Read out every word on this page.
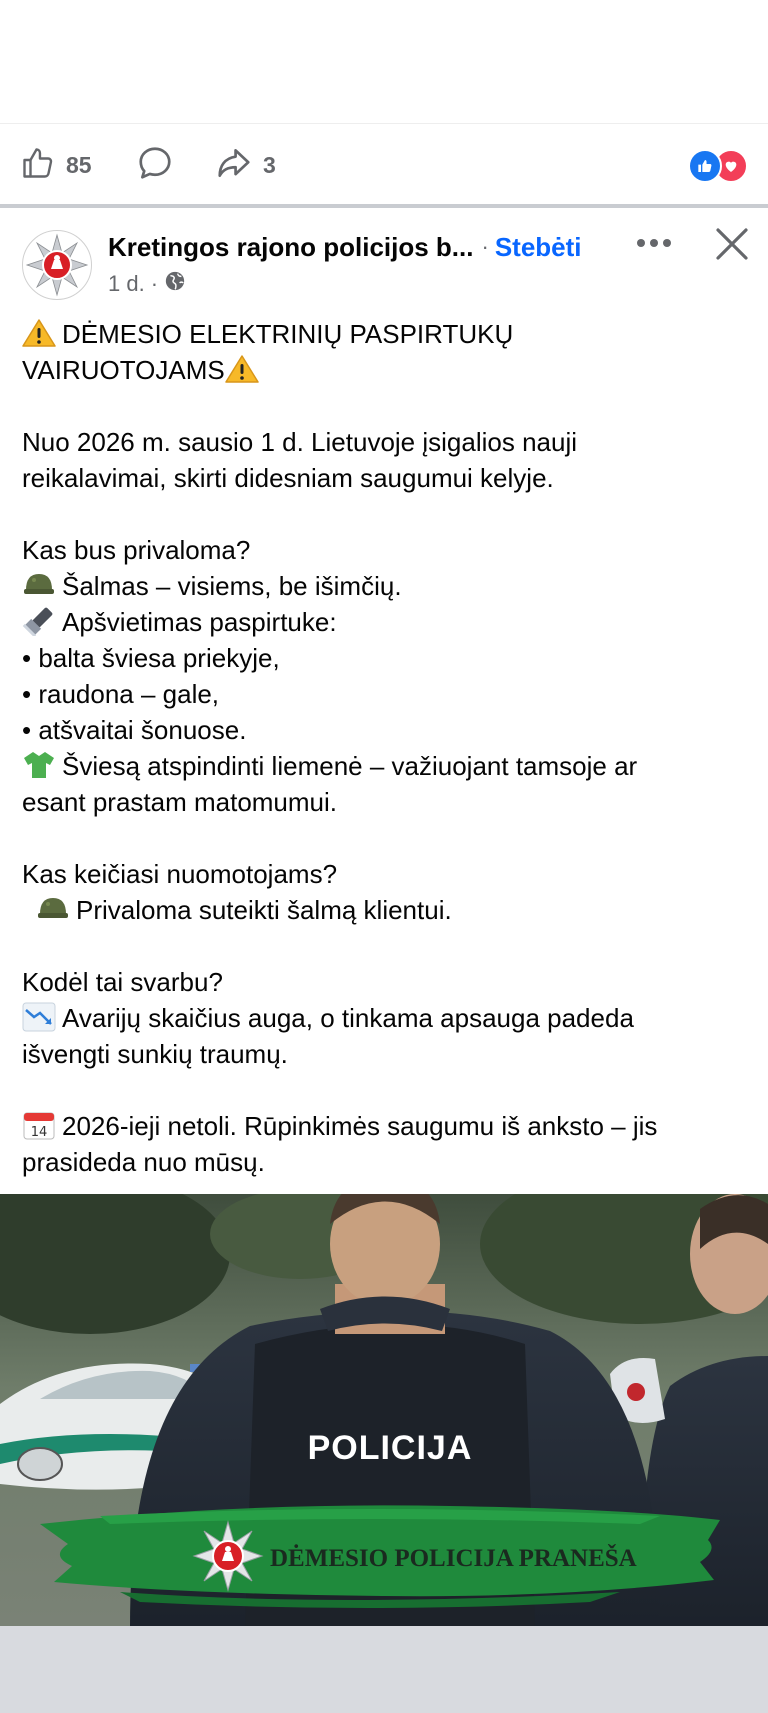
85	3
Kretingos rajono policijos b... · Stebėti
1 d. ·
DĖMESIO ELEKTRINIŲ PASPIRTUKŲ
VAIRUOTOJAMS
Nuo 2026 m. sausio 1 d. Lietuvoje įsigalios nauji
reikalavimai, skirti didesniam saugumui kelyje.
Kas bus privaloma?
Šalmas – visiems, be išimčių.
Apšvietimas paspirtuke:
• balta šviesa priekyje,
• raudona – gale,
• atšvaitai šonuose.
Šviesą atspindinti liemenė – važiuojant tamsoje ar
esant prastam matomumui.
Kas keičiasi nuomotojams?
Privaloma suteikti šalmą klientui.
Kodėl tai svarbu?
Avarijų skaičius auga, o tinkama apsauga padeda
išvengti sunkių traumų.
14 2026-ieji netoli. Rūpinkimės saugumu iš anksto – jis
prasideda nuo mūsų.
POLICIJA
DĖMESIO POLICIJA PRANEŠA
